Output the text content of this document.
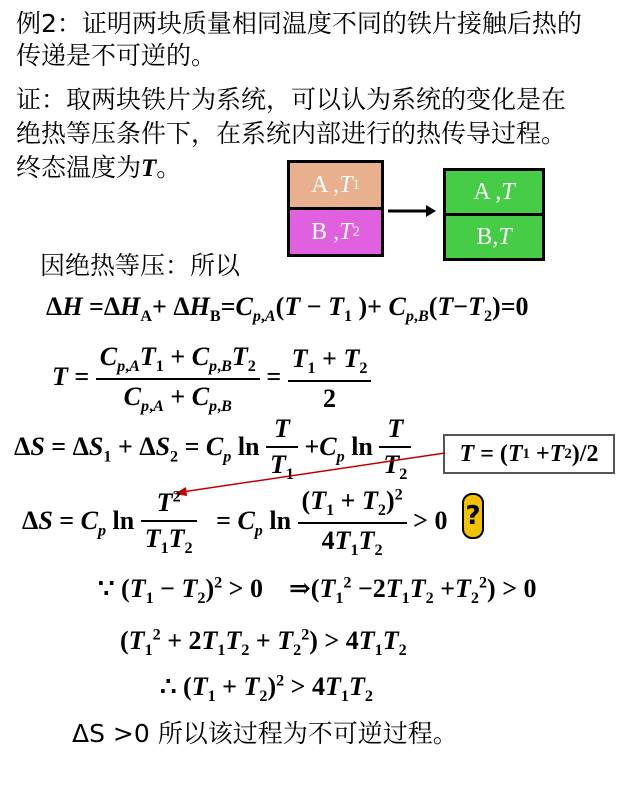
例2：证明两块质量相同温度不同的铁片接触后热的
传递是不可逆的。
证：取两块铁片为系统，可以认为系统的变化是在
绝热等压条件下，在系统内部进行的热传导过程。
终态温度为T。
A , T 1
B , T 2
A , T
B, T
因绝热等压：所以
$\Delta H =\Delta H_A+ \Delta H_B=C_{p,A}(T - T_1$ )+ $C_{p,B}(T-T_2)=0$
$T = \frac{C_{p,A}T_1 + C_{p,B}T_2}{C_{p,A} + C_{p,B}} = \frac{T_1 + T_2}{2}$
$\Delta S = \Delta S_1 + \Delta S_2 = C_p$ $\ln \frac{T}{T_1} +C_p$ $\ln \frac{T}{T_2}$ T = ( T 1 + T 2 )/2
$\Delta S = C_p$ $\ln \frac{T^2}{T_1T_2} = C_p$ $\ln \frac{(T_1 + T_2)^2}{4T_1T_2} > 0$ ?
∵ $(T_1 - T_2)^2 > 0$    $\Rightarrow(T_1^2 -2T_1T_2 +T_2^2) > 0$
$(T_1^2 + 2T_1T_2 + T_2^2) > 4T_1T_2$
∴ $(T_1 + T_2)^2 > 4T_1T_2$
ΔS >0 所以该过程为不可逆过程。
